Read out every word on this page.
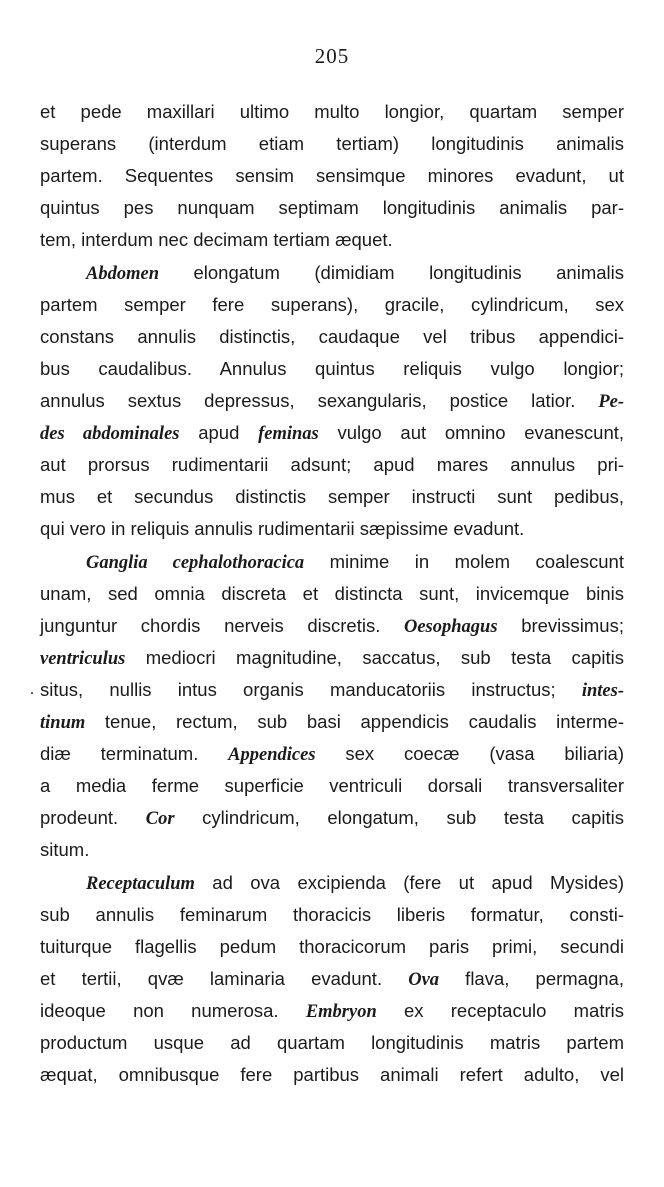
205
et pede maxillari ultimo multo longior, quartam semper
superans (interdum etiam tertiam) longitudinis animalis
partem. Sequentes sensim sensimque minores evadunt, ut
quintus pes nunquam septimam longitudinis animalis par-
tem, interdum nec decimam tertiam æquet.
Abdomen elongatum (dimidiam longitudinis animalis
partem semper fere superans), gracile, cylindricum, sex
constans annulis distinctis, caudaque vel tribus appendici-
bus caudalibus. Annulus quintus reliquis vulgo longior;
annulus sextus depressus, sexangularis, postice latior. Pe-
des abdominales apud feminas vulgo aut omnino evanescunt,
aut prorsus rudimentarii adsunt; apud mares annulus pri-
mus et secundus distinctis semper instructi sunt pedibus,
qui vero in reliquis annulis rudimentarii sæpissime evadunt.
Ganglia cephalothoracica minime in molem coalescunt
unam, sed omnia discreta et distincta sunt, invicemque binis
junguntur chordis nerveis discretis. Oesophagus brevissimus;
ventriculus mediocri magnitudine, saccatus, sub testa capitis
. situs, nullis intus organis manducatoriis instructus; intes-
tinum tenue, rectum, sub basi appendicis caudalis interme-
diæ terminatum. Appendices sex coecæ (vasa biliaria)
a media ferme superficie ventriculi dorsali transversaliter
prodeunt. Cor cylindricum, elongatum, sub testa capitis
situm.
Receptaculum ad ova excipienda (fere ut apud Mysides)
sub annulis feminarum thoracicis liberis formatur, consti-
tuiturque flagellis pedum thoracicorum paris primi, secundi
et tertii, qvæ laminaria evadunt. Ova flava, permagna,
ideoque non numerosa. Embryon ex receptaculo matris
productum usque ad quartam longitudinis matris partem
æquat, omnibusque fere partibus animali refert adulto, vel
